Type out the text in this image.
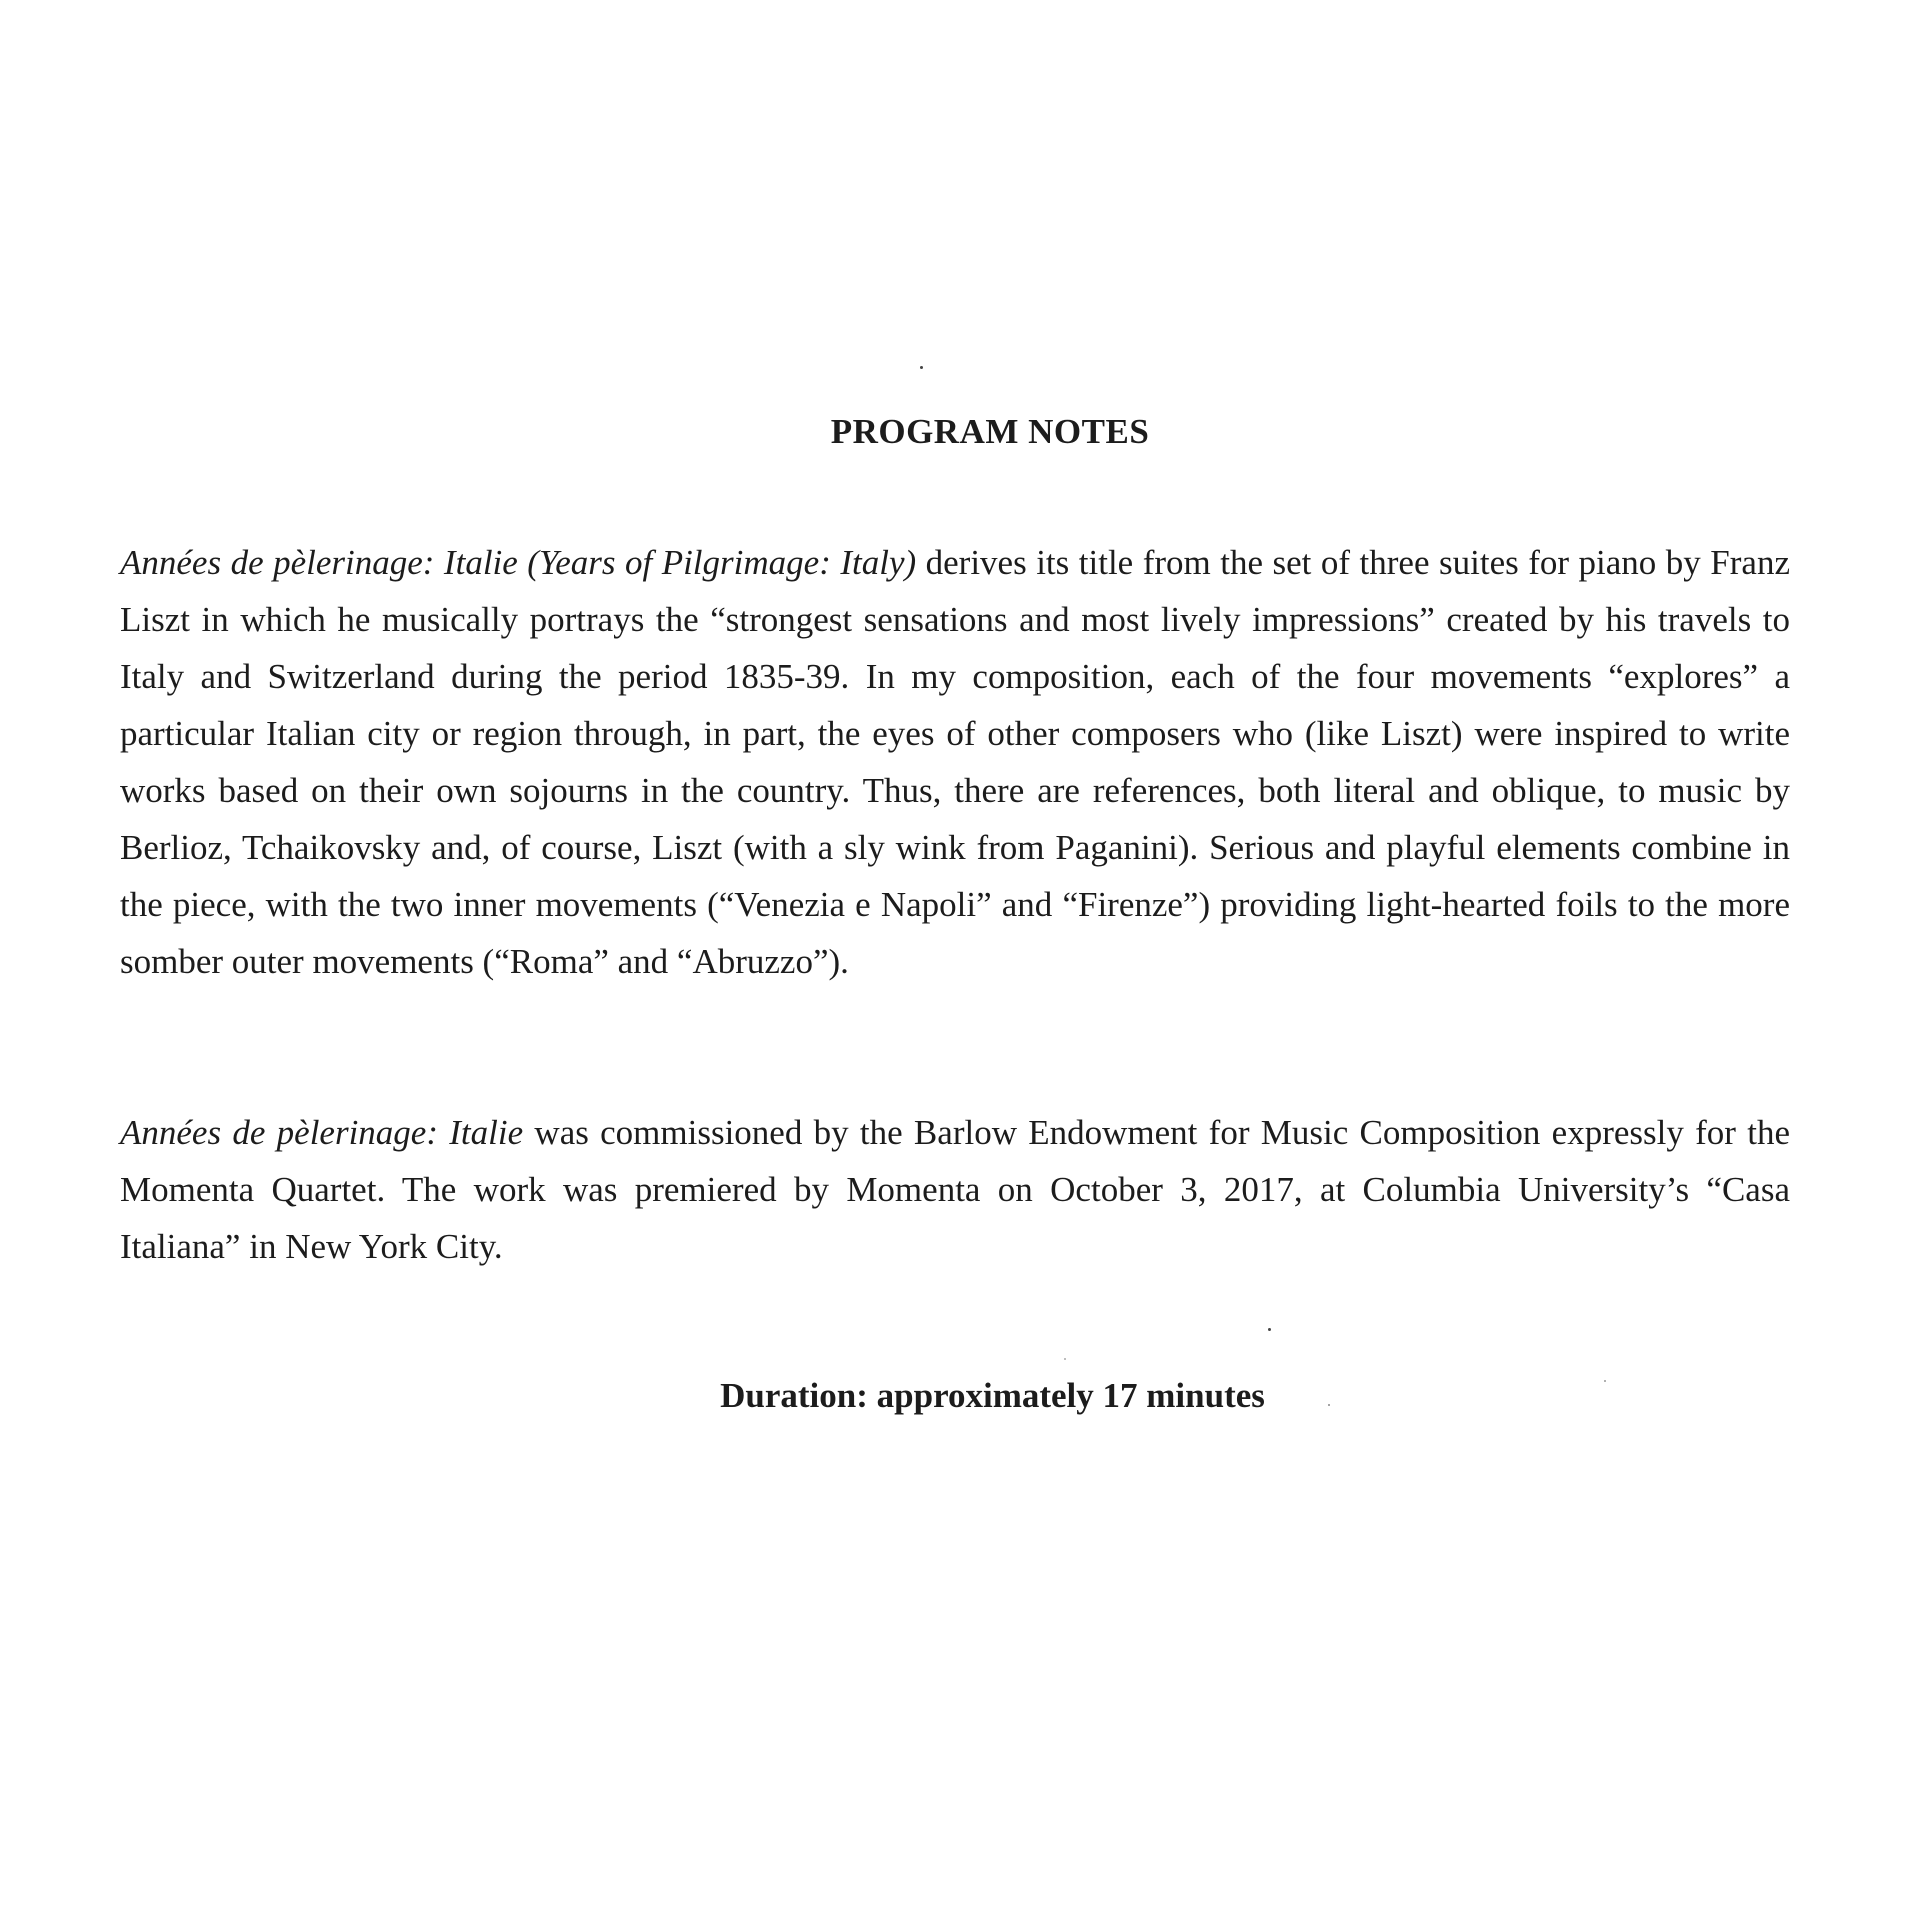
PROGRAM NOTES

Années de pèlerinage: Italie (Years of Pilgrimage: Italy) derives its title from the set of three suites for piano by Franz Liszt in which he musically portrays the “strongest sensations and most lively impressions” created by his travels to Italy and Switzerland during the period 1835-39. In my composition, each of the four movements “explores” a particular Italian city or region through, in part, the eyes of other composers who (like Liszt) were inspired to write works based on their own sojourns in the country. Thus, there are references, both literal and oblique, to music by Berlioz, Tchaikovsky and, of course, Liszt (with a sly wink from Paganini). Serious and playful elements combine in the piece, with the two inner movements (“Venezia e Napoli” and “Firenze”) providing light-hearted foils to the more somber outer movements (“Roma” and “Abruzzo”).

Années de pèlerinage: Italie was commissioned by the Barlow Endowment for Music Composition expressly for the Momenta Quartet. The work was premiered by Momenta on October 3, 2017, at Columbia University’s “Casa Italiana” in New York City.

Duration: approximately 17 minutes
